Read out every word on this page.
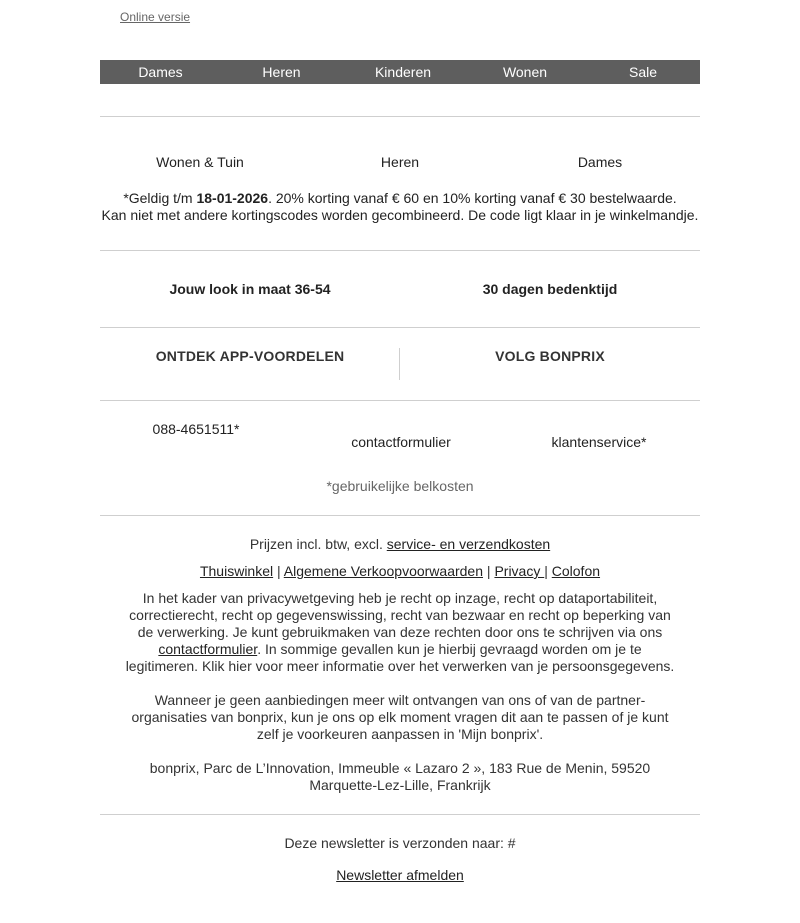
Online versie
Dames	Heren	Kinderen	Wonen	Sale
Wonen & Tuin	Heren	Dames
*Geldig t/m 18-01-2026. 20% korting vanaf € 60 en 10% korting vanaf € 30 bestelwaarde.
Kan niet met andere kortingscodes worden gecombineerd. De code ligt klaar in je winkelmandje.
Jouw look in maat 36-54	30 dagen bedenktijd
ONTDEK APP-VOORDELEN	VOLG BONPRIX
088-4651511*
contactformulier	klantenservice*
*gebruikelijke belkosten
Prijzen incl. btw, excl. service- en verzendkosten
Thuiswinkel | Algemene Verkoopvoorwaarden | Privacy | Colofon
In het kader van privacywetgeving heb je recht op inzage, recht op dataportabiliteit, correctierecht, recht op gegevenswissing, recht van bezwaar en recht op beperking van de verwerking. Je kunt gebruikmaken van deze rechten door ons te schrijven via ons contactformulier. In sommige gevallen kun je hierbij gevraagd worden om je te legitimeren. Klik hier voor meer informatie over het verwerken van je persoonsgegevens.
Wanneer je geen aanbiedingen meer wilt ontvangen van ons of van de partner-organisaties van bonprix, kun je ons op elk moment vragen dit aan te passen of je kunt zelf je voorkeuren aanpassen in 'Mijn bonprix'.
bonprix, Parc de L’Innovation, Immeuble « Lazaro 2 », 183 Rue de Menin, 59520 Marquette-Lez-Lille, Frankrijk
Deze newsletter is verzonden naar: #
Newsletter afmelden
